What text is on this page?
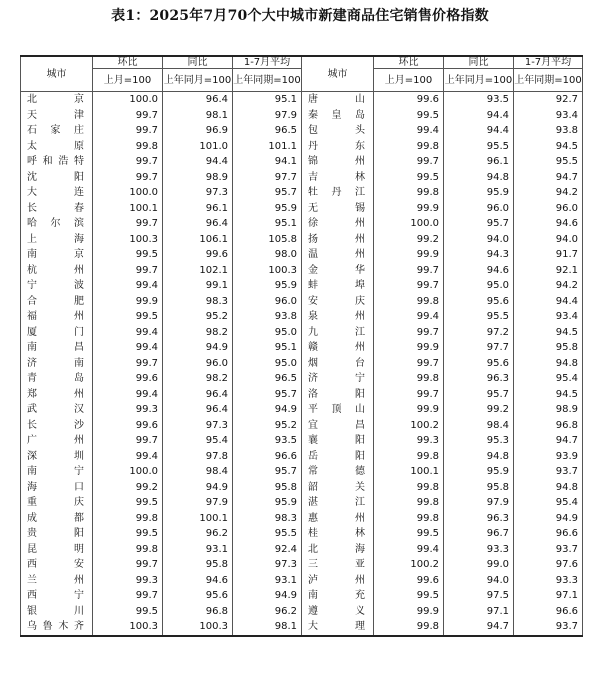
表1：2025年7月70个大中城市新建商品住宅销售价格指数
城市	环比	同比	1-7月平均	城市	环比	同比	1-7月平均
	上月=100	上年同月=100	上年同期=100		上月=100	上年同月=100	上年同期=100
北京	100.0	96.4	95.1	唐山	99.6	93.5	92.7
天津	99.7	98.1	97.9	秦皇岛	99.5	94.4	93.4
石家庄	99.7	96.9	96.5	包头	99.4	94.4	93.8
太原	99.8	101.0	101.1	丹东	99.8	95.5	94.5
呼和浩特	99.7	94.4	94.1	锦州	99.7	96.1	95.5
沈阳	99.7	98.9	97.7	吉林	99.5	94.8	94.7
大连	100.0	97.3	95.7	牡丹江	99.8	95.9	94.2
长春	100.1	96.1	95.9	无锡	99.9	96.0	96.0
哈尔滨	99.7	96.4	95.1	徐州	100.0	95.7	94.6
上海	100.3	106.1	105.8	扬州	99.2	94.0	94.0
南京	99.5	99.6	98.0	温州	99.9	94.3	91.7
杭州	99.7	102.1	100.3	金华	99.7	94.6	92.1
宁波	99.4	99.1	95.9	蚌埠	99.7	95.0	94.2
合肥	99.9	98.3	96.0	安庆	99.8	95.6	94.4
福州	99.5	95.2	93.8	泉州	99.4	95.5	93.4
厦门	99.4	98.2	95.0	九江	99.7	97.2	94.5
南昌	99.4	94.9	95.1	赣州	99.9	97.7	95.8
济南	99.7	96.0	95.0	烟台	99.7	95.6	94.8
青岛	99.6	98.2	96.5	济宁	99.8	96.3	95.4
郑州	99.4	96.4	95.7	洛阳	99.7	95.7	94.5
武汉	99.3	96.4	94.9	平顶山	99.9	99.2	98.9
长沙	99.6	97.3	95.2	宜昌	100.2	98.4	96.8
广州	99.7	95.4	93.5	襄阳	99.3	95.3	94.7
深圳	99.4	97.8	96.6	岳阳	99.8	94.8	93.9
南宁	100.0	98.4	95.7	常德	100.1	95.9	93.7
海口	99.2	94.9	95.8	韶关	99.8	95.8	94.8
重庆	99.5	97.9	95.9	湛江	99.8	97.9	95.4
成都	99.8	100.1	98.3	惠州	99.8	96.3	94.9
贵阳	99.5	96.2	95.5	桂林	99.5	96.7	96.6
昆明	99.8	93.1	92.4	北海	99.4	93.3	93.7
西安	99.7	95.8	97.3	三亚	100.2	99.0	97.6
兰州	99.3	94.6	93.1	泸州	99.6	94.0	93.3
西宁	99.7	95.6	94.9	南充	99.5	97.5	97.1
银川	99.5	96.8	96.2	遵义	99.9	97.1	96.6
乌鲁木齐	100.3	100.3	98.1	大理	99.8	94.7	93.7
